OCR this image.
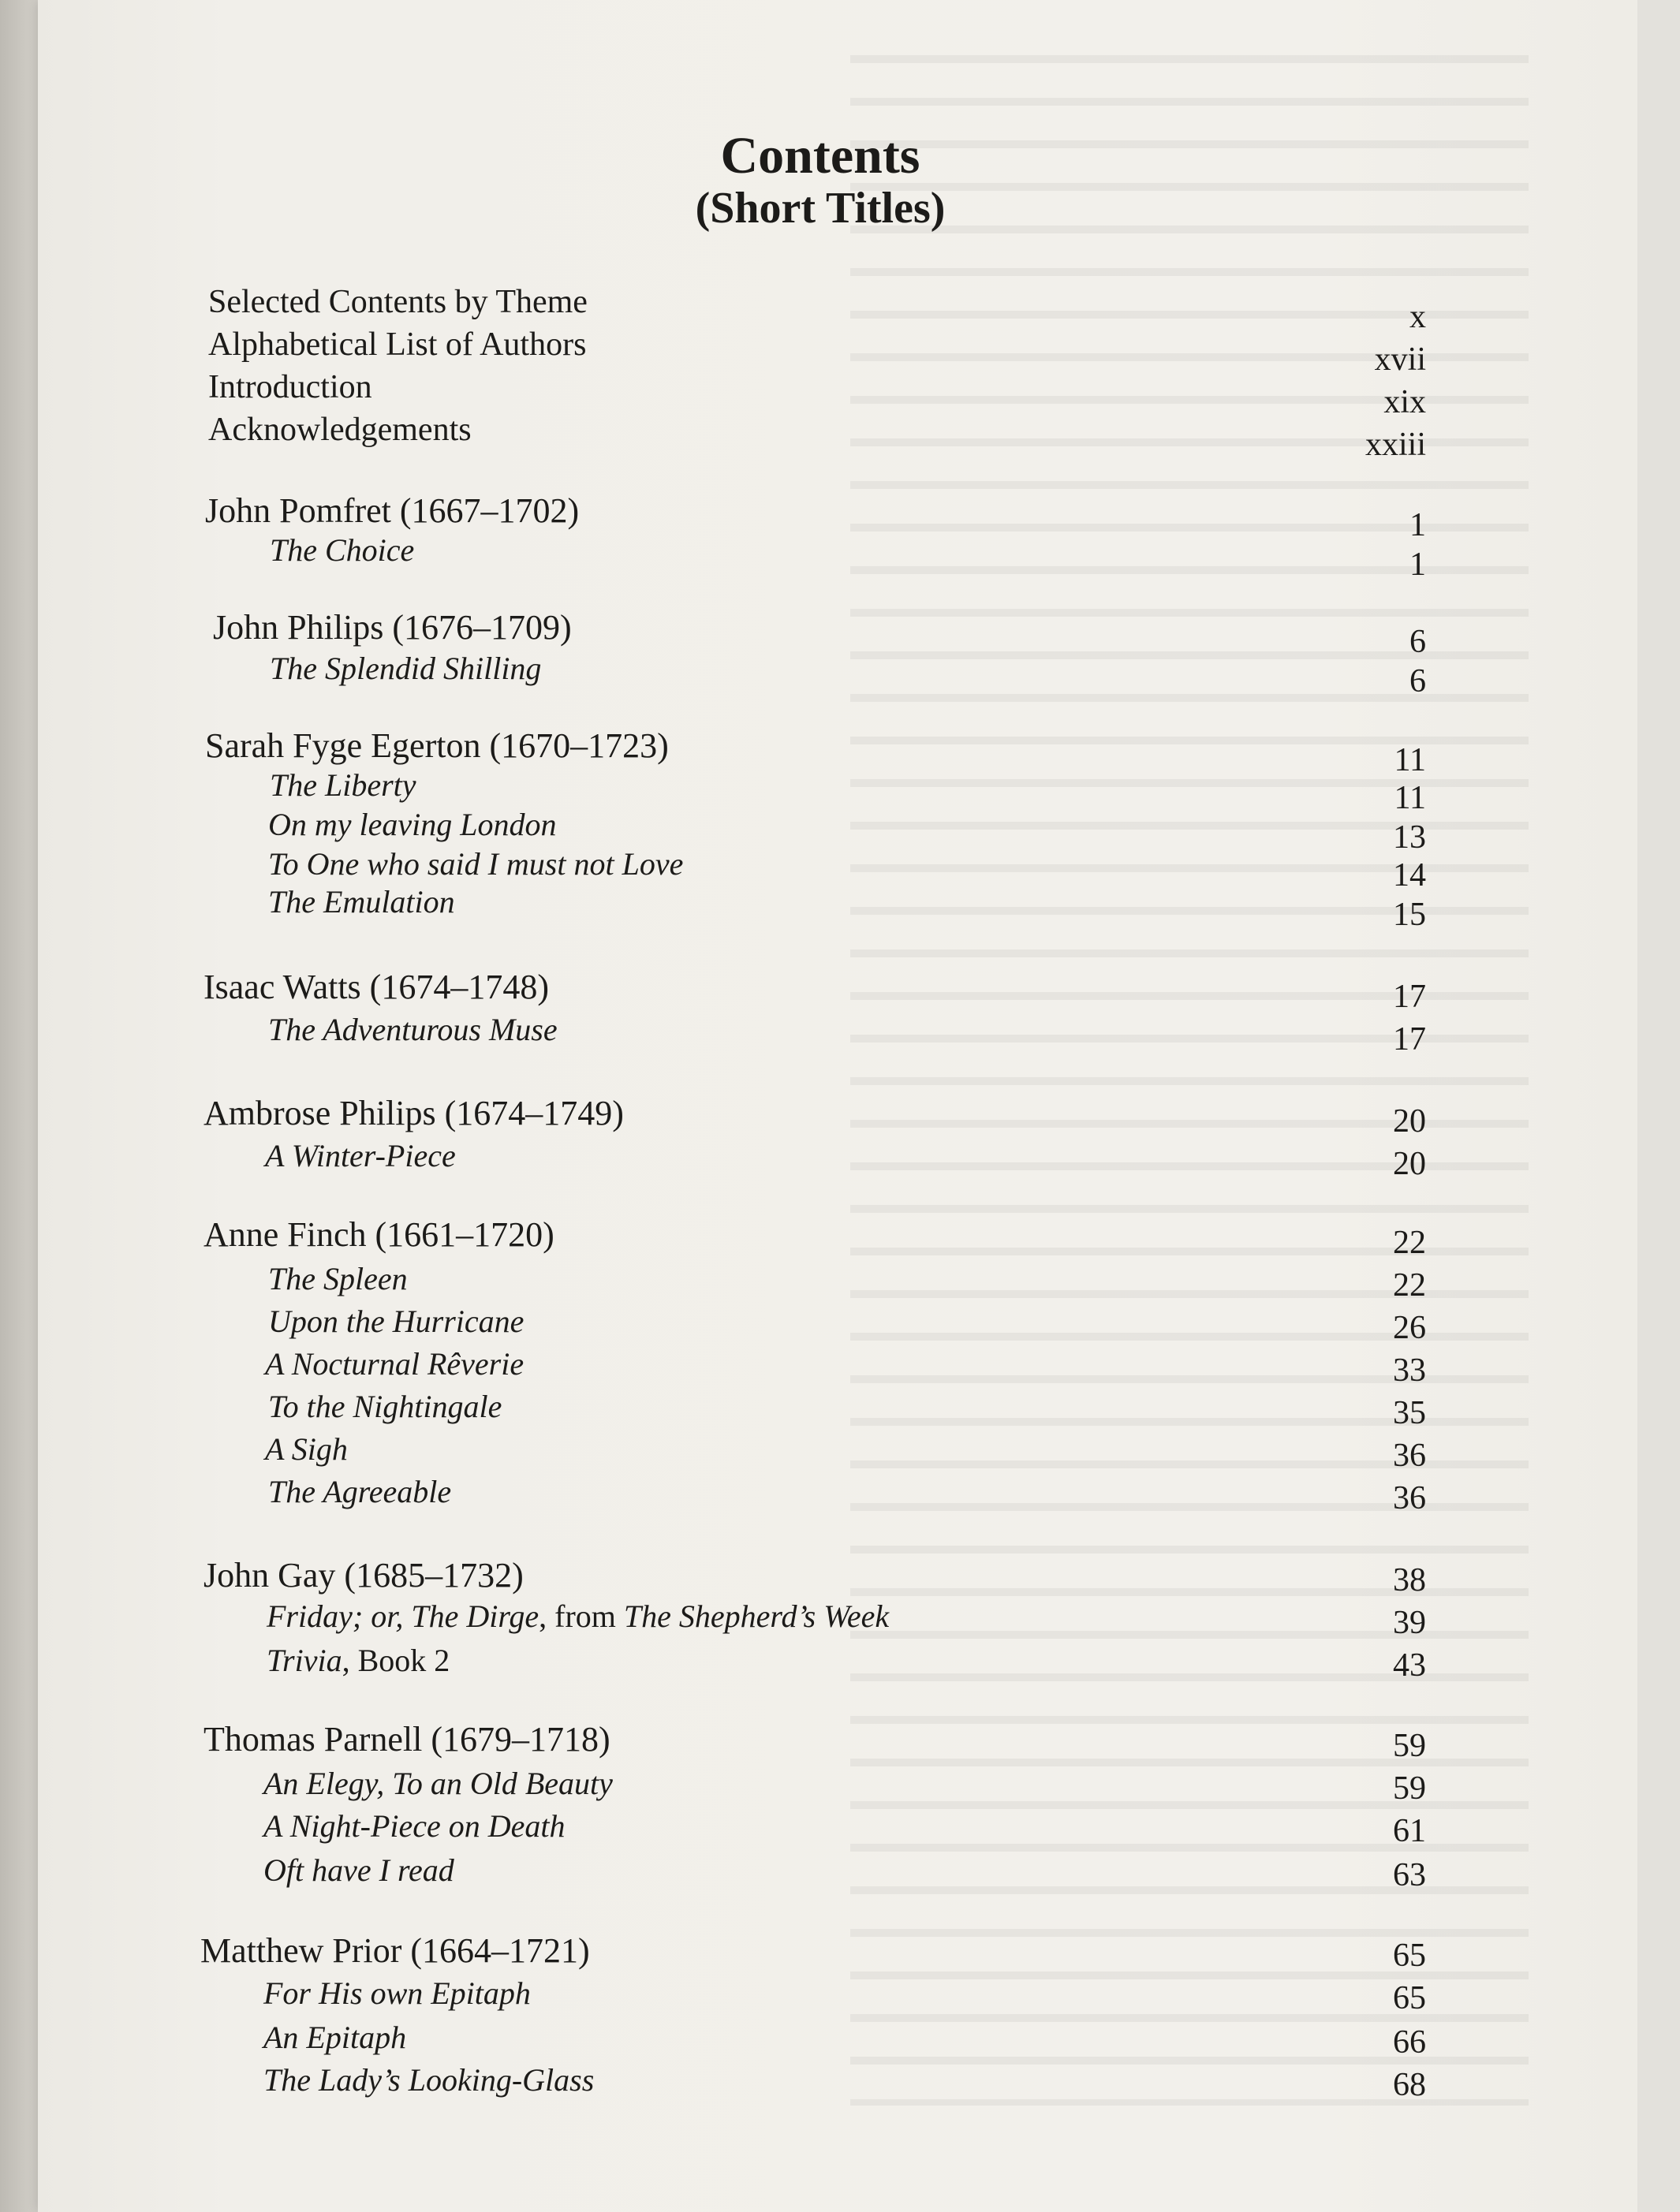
Contents
(Short Titles)
Selected Contents by Theme	x
Alphabetical List of Authors	xvii
Introduction	xix
Acknowledgements	xxiii
John Pomfret (1667–1702)	1
The Choice	1
John Philips (1676–1709)	6
The Splendid Shilling	6
Sarah Fyge Egerton (1670–1723)	11
The Liberty	11
On my leaving London	13
To One who said I must not Love	14
The Emulation	15
Isaac Watts (1674–1748)	17
The Adventurous Muse	17
Ambrose Philips (1674–1749)	20
A Winter-Piece	20
Anne Finch (1661–1720)	22
The Spleen	22
Upon the Hurricane	26
A Nocturnal Rêverie	33
To the Nightingale	35
A Sigh	36
The Agreeable	36
John Gay (1685–1732)	38
Friday; or, The Dirge, from The Shepherd’s Week	39
Trivia, Book 2	43
Thomas Parnell (1679–1718)	59
An Elegy, To an Old Beauty	59
A Night-Piece on Death	61
Oft have I read	63
Matthew Prior (1664–1721)	65
For His own Epitaph	65
An Epitaph	66
The Lady’s Looking-Glass	68
